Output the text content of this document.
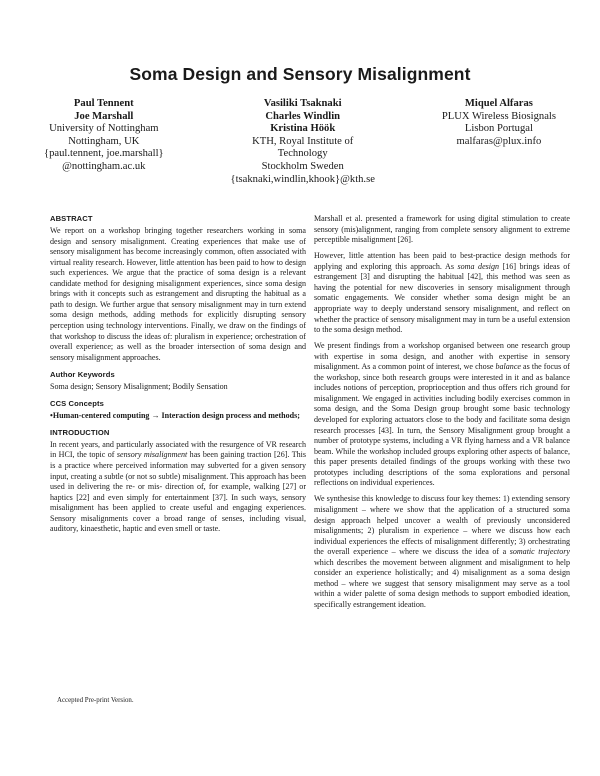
Soma Design and Sensory Misalignment
Paul Tennent
Joe Marshall
University of Nottingham
Nottingham, UK
{paul.tennent, joe.marshall}
@nottingham.ac.uk
Vasiliki Tsaknaki
Charles Windlin
Kristina Höök
KTH, Royal Institute of
Technology
Stockholm Sweden
{tsaknaki,windlin,khook}@kth.se
Miquel Alfaras
PLUX Wireless Biosignals
Lisbon Portugal
malfaras@plux.info
ABSTRACT

We report on a workshop bringing together researchers working in soma design and sensory misalignment. Creating experiences that make use of sensory misalignment has become increasingly common, often associated with virtual reality research. However, little attention has been paid to how to design such experiences. We argue that the practice of soma design is a relevant candidate method for designing misalignment experiences, since soma design brings with it concepts such as estrangement and disrupting the habitual as a path to design. We further argue that sensory misalignment may in turn extend soma design methods, adding methods for explicitly disrupting sensory perception using technology interventions. Finally, we draw on the findings of that workshop to discuss the ideas of: pluralism in experience; orchestration of overall experience; as well as the broader intersection of soma design and sensory misalignment approaches.

Author Keywords

Soma design; Sensory Misalignment; Bodily Sensation

CCS Concepts

•Human-centered computing → Interaction design process and methods;

INTRODUCTION

In recent years, and particularly associated with the resurgence of VR research in HCI, the topic of sensory misalignment has been gaining traction [26]. This is a practice where perceived information may subverted for a given sensory input, creating a subtle (or not so subtle) misalignment. This approach has been used in delivering the re- or mis- direction of, for example, walking [27] or haptics [22] and even simply for entertainment [37]. In such ways, sensory misalignment has been applied to create useful and engaging experiences. Sensory misalignments cover a broad range of senses, including visual, auditory, kinaesthetic, haptic and even smell or taste.

Marshall et al. presented a framework for using digital stimulation to create sensory (mis)alignment, ranging from complete sensory alignment to extreme perceptible misalignment [26].

However, little attention has been paid to best-practice design methods for applying and exploring this approach. As soma design [16] brings ideas of estrangement [3] and disrupting the habitual [42], this method was seen as having the potential for new discoveries in sensory misalignment through somatic engagements. We consider whether soma design might be an appropriate way to deeply understand sensory misalignment, and reflect on whether the practice of sensory misalignment may in turn be a useful extension to the soma design method.

We present findings from a workshop organised between one research group with expertise in soma design, and another with expertise in sensory misalignment. As a common point of interest, we chose balance as the focus of the workshop, since both research groups were interested in it and as balance includes notions of perception, proprioception and thus offers rich ground for misalignment. We engaged in activities including bodily exercises common in soma design, and the Soma Design group brought some basic technology developed for exploring actuators close to the body and facilitate soma design research processes [43]. In turn, the Sensory Misalignment group brought a number of prototype systems, including a VR flying harness and a VR balance beam. While the workshop included groups exploring other aspects of balance, this paper presents detailed findings of the groups working with these two prototypes including descriptions of the soma explorations and personal reflections on individual experiences.

We synthesise this knowledge to discuss four key themes: 1) extending sensory misalignment – where we show that the application of a structured soma design approach helped uncover a wealth of previously unconsidered misalignments; 2) pluralism in experience – where we discuss how each individual experiences the effects of misalignment differently; 3) orchestrating the overall experience – where we discuss the idea of a somatic trajectory which describes the movement between alignment and misalignment to help consider an experience holistically; and 4) misalignment as a soma design method – where we suggest that sensory misalignment may serve as a tool within a wider palette of soma design methods to support embodied ideation, specifically estrangement ideation.

Accepted Pre-print Version.
